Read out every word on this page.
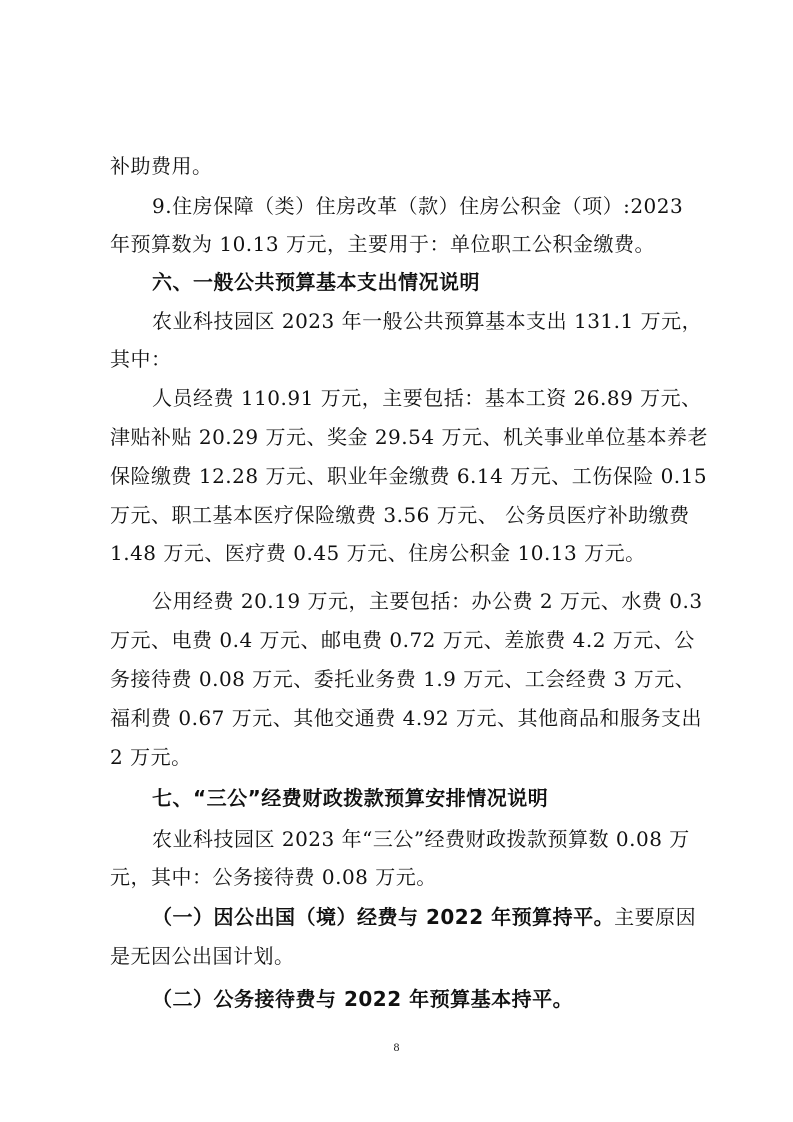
补助费用。
9.住房保障（类）住房改革（款）住房公积金（项）:2023
年预算数为 10.13 万元，主要用于：单位职工公积金缴费。
六、一般公共预算基本支出情况说明
农业科技园区 2023 年一般公共预算基本支出 131.1 万元，
其中：
人员经费 110.91 万元，主要包括：基本工资 26.89 万元、
津贴补贴 20.29 万元、奖金 29.54 万元、机关事业单位基本养老
保险缴费 12.28 万元、职业年金缴费 6.14 万元、工伤保险 0.15
万元、职工基本医疗保险缴费 3.56 万元、 公务员医疗补助缴费
1.48 万元、医疗费 0.45 万元、住房公积金 10.13 万元。
公用经费 20.19 万元，主要包括：办公费 2 万元、水费 0.3
万元、电费 0.4 万元、邮电费 0.72 万元、差旅费 4.2 万元、公
务接待费 0.08 万元、委托业务费 1.9 万元、工会经费 3 万元、
福利费 0.67 万元、其他交通费 4.92 万元、其他商品和服务支出
2 万元。
七、“三公”经费财政拨款预算安排情况说明
农业科技园区 2023 年“三公”经费财政拨款预算数 0.08 万
元，其中：公务接待费 0.08 万元。
（一）因公出国（境）经费与 2022 年预算持平。主要原因
是无因公出国计划。
（二）公务接待费与 2022 年预算基本持平。
8
